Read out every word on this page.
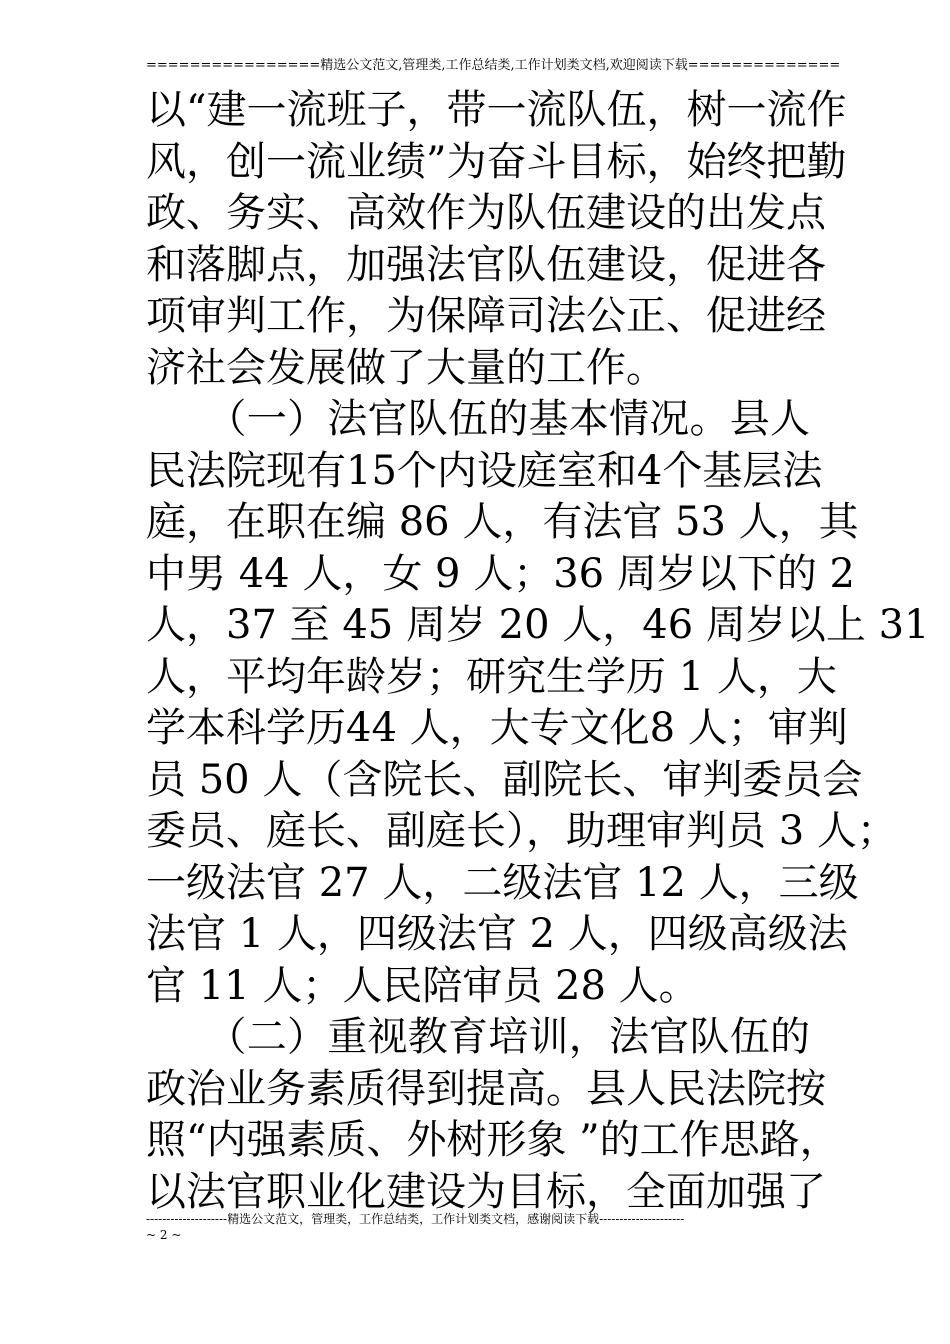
================精选公文范文,管理类,工作总结类,工作计划类文档,欢迎阅读下载==============
以“建一流班子，带一流队伍，树一流作
风，创一流业绩”为奋斗目标，始终把勤
政、务实、高效作为队伍建设的出发点
和落脚点，加强法官队伍建设，促进各
项审判工作，为保障司法公正、促进经
济社会发展做了大量的工作。
　　（一）法官队伍的基本情况。县人
民法院现有15个内设庭室和4个基层法
庭，在职在编 86 人，有法官 53 人，其
中男 44 人，女 9 人；36 周岁以下的 2
人，37 至 45 周岁 20 人，46 周岁以上 31
人，平均年龄岁；研究生学历 1 人，大
学本科学历44 人，大专文化8 人；审判
员 50 人（含院长、副院长、审判委员会
委员、庭长、副庭长），助理审判员 3 人；
一级法官 27 人，二级法官 12 人，三级
法官 1 人，四级法官 2 人，四级高级法
官 11 人；人民陪审员 28 人。
　　（二）重视教育培训，法官队伍的
政治业务素质得到提高。县人民法院按
照“内强素质、外树形象 ”的工作思路，
以法官职业化建设为目标，全面加强了
--------------------精选公文范文，管理类，工作总结类，工作计划类文档，感谢阅读下载---------------------
~ 2 ~
